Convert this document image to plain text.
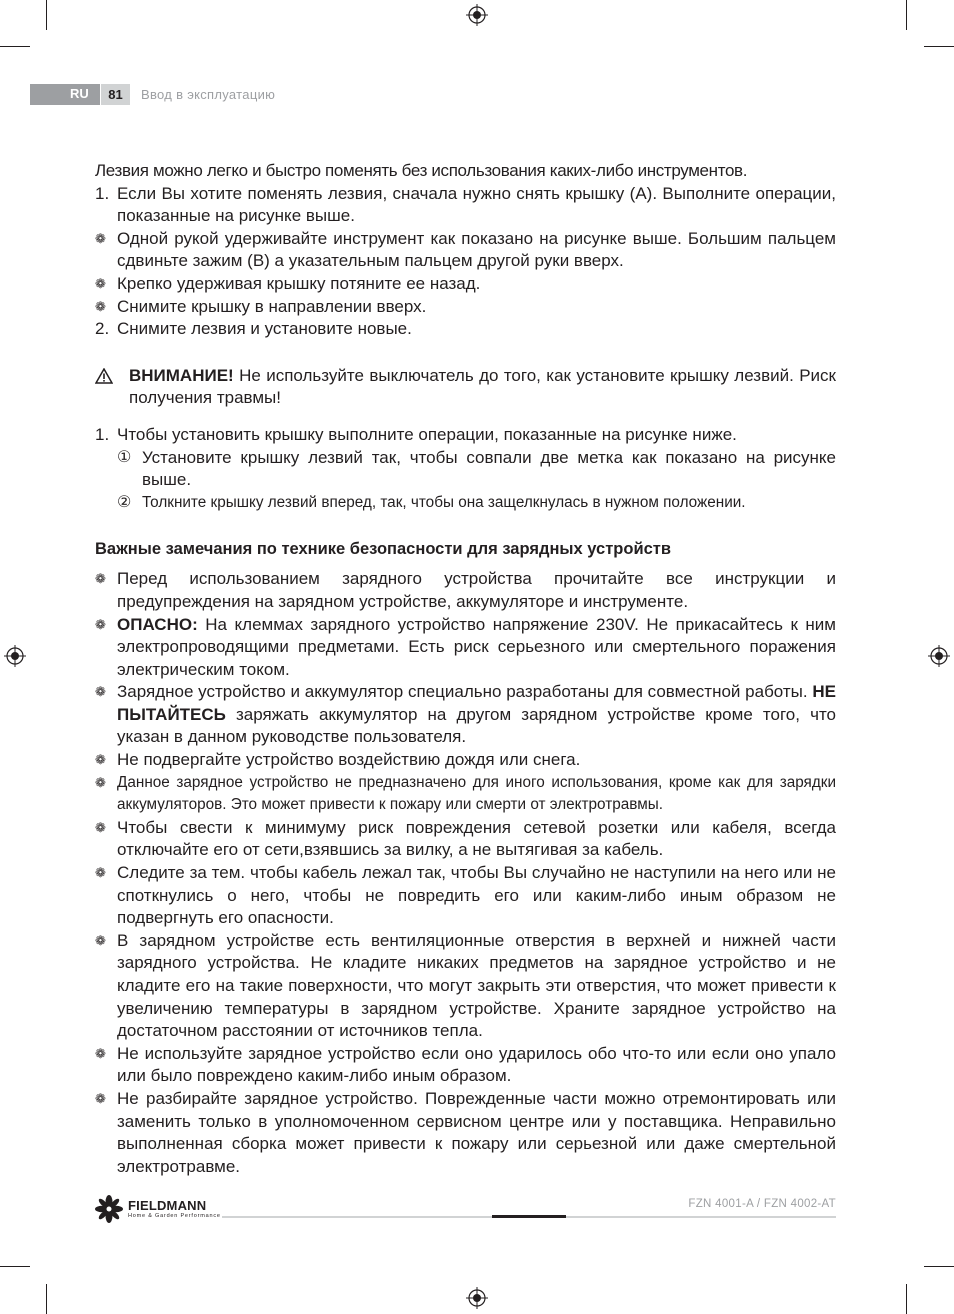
RU	81	Ввод в эксплуатацию

Лезвия можно легко и быстро поменять без использования каких-либо инструментов.

1. Если Вы хотите поменять лезвия, сначала нужно снять крышку (A). Выполните операции, показанные на рисунке выше.
❁ Одной рукой удерживайте инструмент как показано на рисунке выше. Большим пальцем сдвиньте зажим (B) а указательным пальцем другой руки вверх.
❁ Крепко удерживая крышку потяните ее назад.
❁ Снимите крышку в направлении вверх.
2. Снимите лезвия и установите новые.
ВНИМАНИЕ! Не используйте выключатель до того, как установите крышку лезвий. Риск получения травмы!
1. Чтобы установить крышку выполните операции, показанные на рисунке ниже.
① Установите крышку лезвий так, чтобы совпали две метка как показано на рисунке выше.
② Толкните крышку лезвий вперед, так, чтобы она защелкнулась в нужном положении.
Важные замечания по технике безопасности для зарядных устройств
❁ Перед использованием зарядного устройства прочитайте все инструкции и предупреждения на зарядном устройстве, аккумуляторе и инструменте.
❁ ОПАСНО: На клеммах зарядного устройство напряжение 230V. Не прикасайтесь к ним электропроводящими предметами. Есть риск серьезного или смертельного поражения электрическим током.
❁ Зарядное устройство и аккумулятор специально разработаны для совместной работы. НЕ ПЫТАЙТЕСЬ заряжать аккумулятор на другом зарядном устройстве кроме того, что указан в данном руководстве пользователя.
❁ Не подвергайте устройство воздействию дождя или снега.
❁ Данное зарядное устройство не предназначено для иного использования, кроме как для зарядки аккумуляторов. Это может привести к пожару или смерти от электротравмы.
❁ Чтобы свести к минимуму риск повреждения сетевой розетки или кабеля, всегда отключайте его от сети,взявшись за вилку, а не вытягивая за кабель.
❁ Следите за тем. чтобы кабель лежал так, чтобы Вы случайно не наступили на него или не споткнулись о него, чтобы не повредить его или каким-либо иным образом не подвергнуть его опасности.
❁ В зарядном устройстве есть вентиляционные отверстия в верхней и нижней части зарядного устройства. Не кладите никаких предметов на зарядное устройство и не кладите его на такие поверхности, что могут закрыть эти отверстия, что может привести к увеличению температуры в зарядном устройстве. Храните зарядное устройство на достаточном расстоянии от источников тепла.
❁ Не используйте зарядное устройство если оно ударилось обо что-то или если оно упало или было повреждено каким-либо иным образом.
❁ Не разбирайте зарядное устройство. Поврежденные части можно отремонтировать или заменить только в уполномоченном сервисном центре или у поставщика. Неправильно выполненная сборка может привести к пожару или серьезной или даже смертельной электротравме.
FIELDMANN
Home & Garden Performance
FZN 4001-A / FZN 4002-AT
